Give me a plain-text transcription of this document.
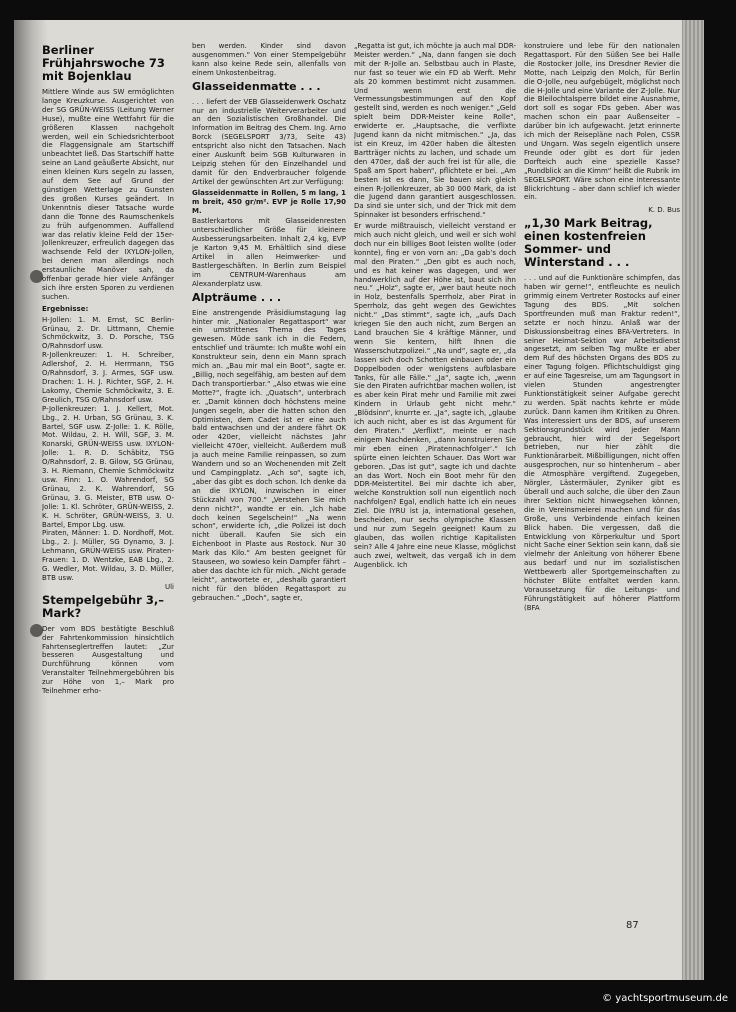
Berliner Frühjahrswoche 73 mit Bojenklau

Mittlere Winde aus SW ermöglichten lange Kreuzkurse. Ausgerichtet von der SG GRÜN-WEISS (Leitung Werner Huse), mußte eine Wettfahrt für die größeren Klassen nachgeholt werden, weil ein Schiedsrichterboot die Flaggensignale am Startschiff unbeachtet ließ. Das Startschiff hatte seine an Land geäußerte Absicht, nur einen kleinen Kurs segeln zu lassen, auf dem See auf Grund der günstigen Wetterlage zu Gunsten des großen Kurses geändert. In Unkenntnis dieser Tatsache wurde dann die Tonne des Raumschenkels zu früh aufgenommen. Auffallend war das relativ kleine Feld der 15er-Jollenkreuzer, erfreulich dagegen das wachsende Feld der IXYLON-Jollen, bei denen man allerdings noch erstaunliche Manöver sah, da offenbar gerade hier viele Anfänger sich ihre ersten Sporen zu verdienen suchen.

Ergebnisse:

H-Jollen: 1. M. Ernst, SC Berlin-Grünau, 2. Dr. Littmann, Chemie Schmöckwitz, 3. D. Porsche, TSG O/Rahnsdorf usw.

R-Jollenkreuzer: 1. H. Schreiber, Adlershof, 2. H. Herrmann, TSG O/Rahnsdorf, 3. J. Armes, SGF usw. Drachen: 1. H. J. Richter, SGF, 2. H. Lakomy, Chemie Schmöckwitz, 3. E. Greulich, TSG O/Rahnsdorf usw.

P-Jollenkreuzer: 1. J. Kellert, Mot. Lbg., 2. H. Urban, SG Grünau, 3. K. Bartel, SGF usw. Z-Jolle: 1. K. Rölle, Mot. Wildau, 2. H. Will, SGF, 3. M. Konarski, GRÜN-WEISS usw. IXYLON-Jolle: 1. R. D. Schäbitz, TSG O/Rahnsdorf, 2. B. Gilow, SG Grünau, 3. H. Riemann, Chemie Schmöckwitz usw. Finn: 1. O. Wahrendorf, SG Grünau, 2. K. Wahrendorf, SG Grünau, 3. G. Meister, BTB usw. O-Jolle: 1. Kl. Schröter, GRÜN-WEISS, 2. K. H. Schröter, GRÜN-WEISS, 3. U. Bartel, Empor Lbg. usw.

Piraten, Männer: 1. D. Nordhoff, Mot. Lbg., 2. J. Müller, SG Dynamo, 3. J. Lehmann, GRÜN-WEISS usw. Piraten-Frauen: 1. D. Wentzke, EAB Lbg., 2. G. Wedler, Mot. Wildau, 3. D. Müller, BTB usw.

Uli

Stempelgebühr 3,– Mark?

Der vom BDS bestätigte Beschluß der Fahrtenkommission hinsichtlich Fahrtenseglertreffen lautet: „Zur besseren Ausgestaltung und Durchführung können vom Veranstalter Teilnehmergebühren bis zur Höhe von 1,– Mark pro Teilnehmer erho-

ben werden. Kinder sind davon ausgenommen.“ Von einer Stempelgebühr kann also keine Rede sein, allenfalls von einem Unkostenbeitrag.

Glasseidenmatte . . .

. . . liefert der VEB Glasseidenwerk Oschatz nur an industrielle Weiterverarbeiter und an den Sozialistischen Großhandel. Die Information im Beitrag des Chem. Ing. Arno Borck (SEGELSPORT 3/73, Seite 43) entspricht also nicht den Tatsachen. Nach einer Auskunft beim SGB Kulturwaren in Leipzig stehen für den Einzelhandel und damit für den Endverbraucher folgende Artikel der gewünschten Art zur Verfügung:

Glasseidenmatte in Rollen, 5 m lang, 1 m breit, 450 gr/m². EVP je Rolle 17,90 M.

Bastlerkartons mit Glasseidenresten unterschiedlicher Größe für kleinere Ausbesserungsarbeiten. Inhalt 2,4 kg, EVP je Karton 9,45 M. Erhältlich sind diese Artikel in allen Heimwerker- und Bastlergeschäften. In Berlin zum Beispiel im CENTRUM-Warenhaus am Alexanderplatz usw.

Alpträume . . .

Eine anstrengende Präsidiumstagung lag hinter mir. „Nationaler Regattasport“ war ein umstrittenes Thema des Tages gewesen. Müde sank ich in die Federn, entschlief und träumte: Ich mußte wohl ein Konstrukteur sein, denn ein Mann sprach mich an. „Bau mir mal ein Boot“, sagte er. „Billig, noch segelfähig, am besten auf dem Dach transportierbar.“ „Also etwas wie eine Motte?“, fragte ich. „Quatsch“, unterbrach er. „Damit können doch höchstens meine Jungen segeln, aber die hatten schon den Optimisten, dem Cadet ist er eine auch bald entwachsen und der andere fährt OK oder 420er, vielleicht nächstes Jahr vielleicht 470er, vielleicht. Außerdem muß ja auch meine Familie reinpassen, so zum Wandern und so an Wochenenden mit Zelt und Campingplatz. „Ach so“, sagte ich, „aber das gibt es doch schon. Ich denke da an die IXYLON, inzwischen in einer Stückzahl von 700.“ „Verstehen Sie mich denn nicht?“, wandte er ein. „Ich habe doch keinen Segelschein!“ „Na wenn schon“, erwiderte ich, „die Polizei ist doch nicht überall. Kaufen Sie sich ein Eichenboot in Plaste aus Rostock. Nur 30 Mark das Kilo.“ Am besten geeignet für Stauseen, wo sowieso kein Dampfer fährt – aber das dachte ich für mich. „Nicht gerade leicht“, antwortete er, „deshalb garantiert nicht für den blöden Regattasport zu gebrauchen.“ „Doch“, sagte er,

„Regatta ist gut, ich möchte ja auch mal DDR-Meister werden.“ „Na, dann fangen sie doch mit der R-Jolle an. Selbstbau auch in Plaste, nur fast so teuer wie ein FD ab Werft. Mehr als 20 kommen bestimmt nicht zusammen. Und wenn erst die Vermessungsbestimmungen auf den Kopf gestellt sind, werden es noch weniger.“ „Geld spielt beim DDR-Meister keine Rolle“, erwiderte er. „Hauptsache, die verflixte Jugend kann da nicht mitmischen.“ „Ja, das ist ein Kreuz, im 420er haben die ältesten Bartträger nichts zu lachen, und schade um den 470er, daß der auch frei ist für alle, die Spaß am Sport haben“, pflichtete er bei. „Am besten ist es dann, Sie bauen sich gleich einen R-Jollenkreuzer, ab 30 000 Mark, da ist die Jugend dann garantiert ausgeschlossen. Da sind sie unter sich, und der Trick mit dem Spinnaker ist besonders erfrischend.“

Er wurde mißtrauisch, vielleicht verstand er mich auch nicht gleich, und weil er sich wohl doch nur ein billiges Boot leisten wollte (oder konnte), fing er von vorn an: „Da gab’s doch mal den Piraten.“ „Den gibt es auch noch, und es hat keiner was dagegen, und wer handwerklich auf der Höhe ist, baut sich ihn neu.“ „Holz“, sagte er, „wer baut heute noch in Holz, bestenfalls Sperrholz, aber Pirat in Sperrholz, das geht wegen des Gewichtes nicht.“ „Das stimmt“, sagte ich, „aufs Dach kriegen Sie den auch nicht, zum Bergen an Land brauchen Sie 4 kräftige Männer, und wenn Sie kentern, hilft Ihnen die Wasserschutzpolizei.“ „Na und“, sagte er, „da lassen sich doch Schotten einbauen oder ein Doppelboden oder wenigstens aufblasbare Tanks, für alle Fälle.“ „Ja“, sagte ich, „wenn Sie den Piraten aufrichtbar machen wollen, ist es aber kein Pirat mehr und Familie mit zwei Kindern in Urlaub geht nicht mehr.“ „Blödsinn“, knurrte er. „Ja“, sagte ich, „glaube ich auch nicht, aber es ist das Argument für den Piraten.“ „Verflixt“, meinte er nach einigem Nachdenken, „dann konstruieren Sie mir eben einen ‚Piratennachfolger‘.“ Ich spürte einen leichten Schauer. Das Wort war geboren. „Das ist gut“, sagte ich und dachte an das Wort. Noch ein Boot mehr für den DDR-Meistertitel. Bei mir dachte ich aber, welche Konstruktion soll nun eigentlich noch nachfolgen? Egal, endlich hatte ich ein neues Ziel. Die IYRU ist ja, international gesehen, bescheiden, nur sechs olympische Klassen und nur zum Segeln geeignet! Kaum zu glauben, das wollen richtige Kapitalisten sein? Alle 4 Jahre eine neue Klasse, möglichst auch zwei, weltweit, das vergaß ich in dem Augenblick. Ich

konstruiere und lebe für den nationalen Regattasport. Für den Süßen See bei Halle die Rostocker Jolle, ins Dresdner Revier die Motte, nach Leipzig den Molch, für Berlin die O-Jolle, neu aufgebügelt, möglichst noch die H-Jolle und eine Variante der Z-Jolle. Nur die Bleilochtalsperre bildet eine Ausnahme, dort soll es sogar FDs geben. Aber was machen schon ein paar Außenseiter – darüber bin ich aufgewacht. Jetzt erinnerte ich mich der Reisepläne nach Polen, CSSR und Ungarn. Was segeln eigentlich unsere Freunde oder gibt es dort für jeden Dorfteich auch eine spezielle Kasse? „Rundblick an die Kimm“ heißt die Rubrik im SEGELSPORT. Wäre schon eine interessante Blickrichtung – aber dann schlief ich wieder ein.

K. D. Bus

„1,30 Mark Beitrag, einen kostenfreien Sommer- und Winterstand . . .

. . . und auf die Funktionäre schimpfen, das haben wir gerne!“, entfleuchte es neulich grimmig einem Vertreter Rostocks auf einer Tagung des BDS. „Mit solchen Sportfreunden muß man Fraktur reden!“, setzte er noch hinzu. Anlaß war der Diskussionsbeitrag eines BFA-Vertreters. In seiner Heimat-Sektion war Arbeitsdienst angesetzt, am selben Tag mußte er aber dem Ruf des höchsten Organs des BDS zu einer Tagung folgen. Pflichtschuldigst ging er auf eine Tagesreise, um am Tagungsort in vielen Stunden angestrengter Funktionstätigkeit seiner Aufgabe gerecht zu werden. Spät nachts kehrte er müde zurück. Dann kamen ihm Kritiken zu Ohren. Was interessiert uns der BDS, auf unserem Sektionsgrundstück wird jeder Mann gebraucht, hier wird der Segelsport betrieben, nur hier zählt die Funktionärarbeit. Mißbilligungen, nicht offen ausgesprochen, nur so hintenherum – aber die Atmosphäre vergiftend. Zugegeben, Nörgler, Lästermäuler, Zyniker gibt es überall und auch solche, die über den Zaun ihrer Sektion nicht hinwegsehen können, die in Vereinsmeierei machen und für das Große, uns Verbindende einfach keinen Blick haben. Die vergessen, daß die Entwicklung von Körperkultur und Sport nicht Sache einer Sektion sein kann, daß sie vielmehr der Anleitung von höherer Ebene aus bedarf und nur im sozialistischen Wettbewerb aller Sportgemeinschaften zu höchster Blüte entfaltet werden kann. Voraussetzung für die Leitungs- und Führungstätigkeit auf höherer Plattform (BFA

87
© yachtsportmuseum.de
